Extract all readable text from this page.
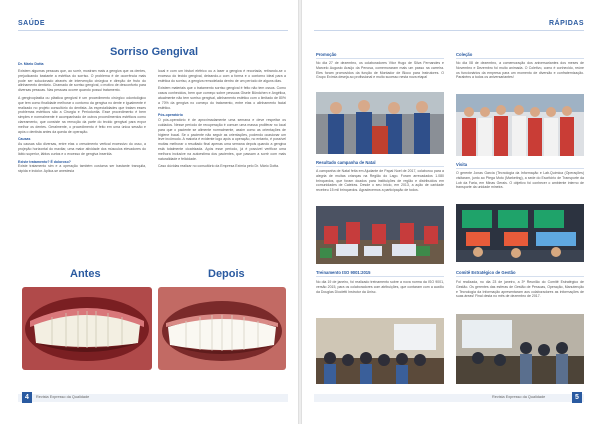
SAÚDE
Sorriso Gengival
Dr. Mário Dotta

Existem algumas pessoas que, ao sorrir, mostram mais a gengiva que os dentes, prejudicando bastante a estética do sorriso. O problema é de ocorrência mais pode ser solucionado através de intervenção cirúrgica e direção de fruto do alinhamento dentário. Chamado de sorriso gengival, o motivo de desconforto para diversas pessoas. Nas pessoas ocorre quando possui tratamento.

A gengivoplastia ou plástica gengival é um procedimento cirúrgico odontológico que tem como finalidade melhorar o contorno da gengiva no dente e igualmente é realizado no projeto consultório do dentista. As especialidades que tratam esses problemas estéticos são a Cirurgia e Periodontia. Esse procedimento é bem simples e normalmente é acompanhado de outros procedimentos estéticos como clareamento, que consiste na remoção da parte do tecido gengival para expor melhor os dentes. Geralmente, o procedimento é feito em uma única sessão e após o dentista antes da queda de operação.

Causas

As causas são diversas, entre elas o crescimento vertical excessivo do osso, a projeção horizontal do maxilar, uma maior atividade dos músculos elevadores do lábio superior, lábios curtos e o excesso de gengiva inserida.

Existe tratamento? É doloroso?

Existe tratamento sim e a operação também costuma ser bastante tranquila, rápida e indolor. Aplica-se anestesia

local e com um bisturi elétrico ou a laser a gengiva é recortada, retirando-se o excesso do tecido gengival, deixando-o com a forma e o contorno ideal para a estética do sorriso, a gengiva remodelada dentro de um período de alguns dias.

Existem materiais que o tratamento sorriso gengival é feito não tem ossos. Como casos conhecidos, bem que começo sobre pessoas Gisele Bündchen e Angélica, atualmente não tem sorriso gengival, alinhamento estético com o limitado de 80% a 70% da gengiva no começo do tratamento, entre elas o alinhamento facial estético.

Pós-operatório

O pós-operatório é de aproximadamente uma semana e deve respeitar os cuidados. Nesse período de recuperação é comum uma massa proliferar no local para que o paciente se alimente normalmente, assim como as orientações de higiene bucal. Se o paciente não seguir as orientações, podendo ocasionar um leve incômodo. A maioria é evidente logo após a operação, no entanto, é possível muitas melhorar o resultado final apenas uma semana depois quando a gengiva está totalmente cicatrizada. Após esse período, já é possível verificar uma melhora inclusive na autoestima dos pacientes, que passam a sorrir com mais naturalidade e felicidade.

Caso dúvidas realizar no consultório da Empresa Exímia pelo Dr. Mário Dotta.

Antes	Depois
4	Revista Expresso da Qualidade
RÁPIDAS
Promoção

No dia 27 de dezembro, os colaboradores Vitor Hugo de Silva Fernandes e Marcelo Augusto Araújo da Penosa, comemoraram mais um passo na carreira. Eles foram promovidos da função de Montador de Bloco para Instrutores. O Grupo Exímia deseja ao profissional e muito sucesso nesta nova etapa!

Resultado campanha de Natal

A campanha de Natal feita em Ajudante de Papai Noel de 2017, colaborou para a alegria de muitas crianças na Região do Lago. Foram arrecadados 1.080 brinquedos, que foram doados para instituições de região e distribuídos em comunidades de Caieiras. Desde o seu início, em 2013, a ação de caridade recebeu 15 mil brinquedos. Agradecemos a participação de todos.

Treinamento ISO 9001:2015

No dia 19 de janeiro, foi realizado treinamento sobre a nova norma da ISO 9001, versão 2015, para os colaboradores com atribuições, que contaram com a auxílio da Douglas Diocletti Instrutor da Unisc.

Coleção

No dia 08 de dezembro, a comemoração dos aniversariantes dos meses de Novembro e Dezembro foi muito animada. O Coletivo, como é conhecido, reúne os funcionários da empresa para um momento de diversão e confraternização. Parabéns a todos os aniversariantes!

Visita

O gerente Jonas Garcia (Tecnologia da Informação e Lab.Química (Operações) visitaram, junto ao Ptega Moto (Marketing), a sede do Escritório de Transporte da Lob da Faria, em Minas Gerais. O objetivo foi conhecer o ambiente interno de transporte da unidade mineira.

Comitê Estratégico de Gestão

Foi realizada, no dia 23 de janeiro, a 3ª Reunião do Comitê Estratégico de Gestão. Os gerentes das esferas de Gestão de Pessoas, Operação, Manutenção e Tecnologia da Informação apresentaram aos colaboradores as informações de suas áreas! Final desta no mês de dezembro de 2017.

Revista Expresso da Qualidade	5
